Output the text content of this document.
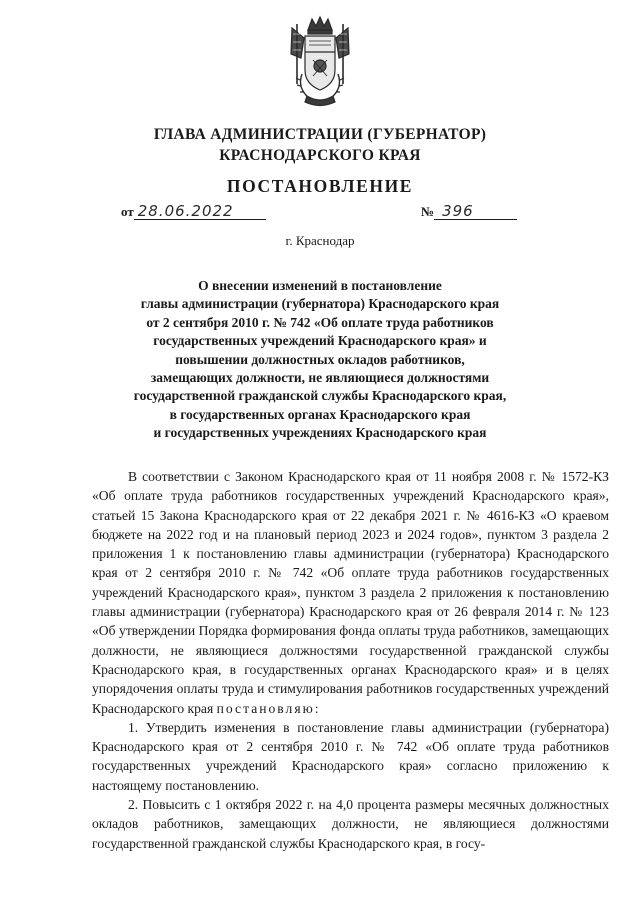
ГЛАВА АДМИНИСТРАЦИИ (ГУБЕРНАТОР)
КРАСНОДАРСКОГО КРАЯ
ПОСТАНОВЛЕНИЕ
от 28.06.2022	№ 396
г. Краснодар
О внесении изменений в постановление
главы администрации (губернатора) Краснодарского края
от 2 сентября 2010 г. № 742 «Об оплате труда работников
государственных учреждений Краснодарского края» и
повышении должностных окладов работников,
замещающих должности, не являющиеся должностями
государственной гражданской службы Краснодарского края,
в государственных органах Краснодарского края
и государственных учреждениях Краснодарского края

В соответствии с Законом Краснодарского края от 11 ноября 2008 г. № 1572-КЗ «Об оплате труда работников государственных учреждений Краснодарского края», статьей 15 Закона Краснодарского края от 22 декабря 2021 г. № 4616-КЗ «О краевом бюджете на 2022 год и на плановый период 2023 и 2024 годов», пунктом 3 раздела 2 приложения 1 к постановлению главы администрации (губернатора) Краснодарского края от 2 сентября 2010 г. № 742 «Об оплате труда работников государственных учреждений Краснодарского края», пунктом 3 раздела 2 приложения к постановлению главы администрации (губернатора) Краснодарского края от 26 февраля 2014 г. № 123 «Об утверждении Порядка формирования фонда оплаты труда работников, замещающих должности, не являющиеся должностями государственной гражданской службы Краснодарского края, в государственных органах Краснодарского края» и в целях упорядочения оплаты труда и стимулирования работников государственных учреждений Краснодарского края постановляю:

1. Утвердить изменения в постановление главы администрации (губернатора) Краснодарского края от 2 сентября 2010 г. № 742 «Об оплате труда работников государственных учреждений Краснодарского края» согласно приложению к настоящему постановлению.

2. Повысить с 1 октября 2022 г. на 4,0 процента размеры месячных должностных окладов работников, замещающих должности, не являющиеся должностями государственной гражданской службы Краснодарского края, в госу-
